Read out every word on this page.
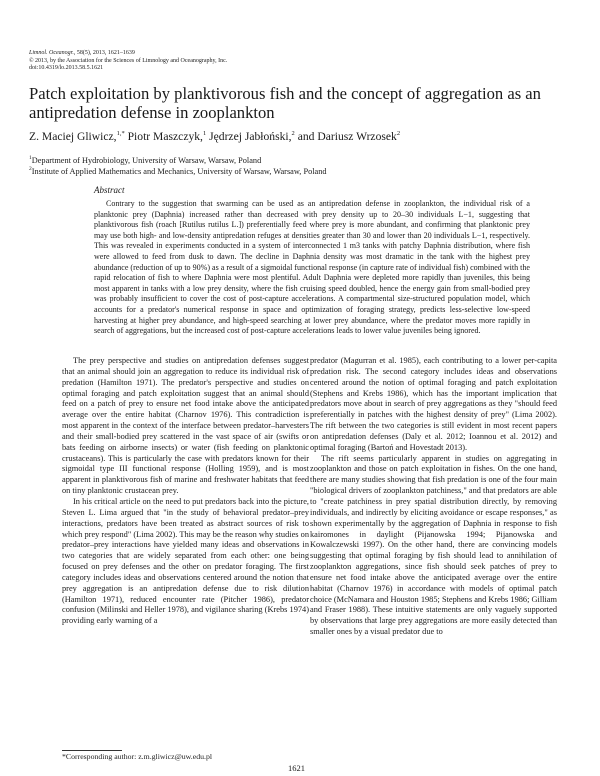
Limnol. Oceanogr., 58(5), 2013, 1621–1639
© 2013, by the Association for the Sciences of Limnology and Oceanography, Inc.
doi:10.4319/lo.2013.58.5.1621
Patch exploitation by planktivorous fish and the concept of aggregation as an antipredation defense in zooplankton
Z. Maciej Gliwicz,$^{1,*}$ Piotr Maszczyk,$^1$ Jędrzej Jabłoński,$^2$ and Dariusz Wrzosek$^2$
$^1$Department of Hydrobiology, University of Warsaw, Warsaw, Poland
$^2$Institute of Applied Mathematics and Mechanics, University of Warsaw, Warsaw, Poland
Abstract

Contrary to the suggestion that swarming can be used as an antipredation defense in zooplankton, the individual risk of a planktonic prey (Daphnia) increased rather than decreased with prey density up to 20–30 individuals L−1, suggesting that planktivorous fish (roach [Rutilus rutilus L.]) preferentially feed where prey is more abundant, and confirming that planktonic prey may use both high- and low-density antipredation refuges at densities greater than 30 and lower than 20 individuals L−1, respectively. This was revealed in experiments conducted in a system of interconnected 1 m3 tanks with patchy Daphnia distribution, where fish were allowed to feed from dusk to dawn. The decline in Daphnia density was most dramatic in the tank with the highest prey abundance (reduction of up to 90%) as a result of a sigmoidal functional response (in capture rate of individual fish) combined with the rapid relocation of fish to where Daphnia were most plentiful. Adult Daphnia were depleted more rapidly than juveniles, this being most apparent in tanks with a low prey density, where the fish cruising speed doubled, hence the energy gain from small-bodied prey was probably insufficient to cover the cost of post-capture accelerations. A compartmental size-structured population model, which accounts for a predator's numerical response in space and optimization of foraging strategy, predicts less-selective low-speed harvesting at higher prey abundance, and high-speed searching at lower prey abundance, where the predator moves more rapidly in search of aggregations, but the increased cost of post-capture accelerations leads to lower value juveniles being ignored.

The prey perspective and studies on antipredation defenses suggest that an animal should join an aggregation to reduce its individual risk of predation (Hamilton 1971). The predator's perspective and studies on optimal foraging and patch exploitation suggest that an animal should feed on a patch of prey to ensure net food intake above the anticipated average over the entire habitat (Charnov 1976). This contradiction is most apparent in the context of the interface between predator–harvesters and their small-bodied prey scattered in the vast space of air (swifts or bats feeding on airborne insects) or water (fish feeding on planktonic crustaceans). This is particularly the case with predators known for their sigmoidal type III functional response (Holling 1959), and is most apparent in planktivorous fish of marine and freshwater habitats that feed on tiny planktonic crustacean prey.

In his critical article on the need to put predators back into the picture, Steven L. Lima argued that "in the study of behavioral predator–prey interactions, predators have been treated as abstract sources of risk to which prey respond" (Lima 2002). This may be the reason why studies on predator–prey interactions have yielded many ideas and observations in two categories that are widely separated from each other: one being focused on prey defenses and the other on predator foraging. The first category includes ideas and observations centered around the notion that prey aggregation is an antipredation defense due to risk dilution (Hamilton 1971), reduced encounter rate (Pitcher 1986), predator confusion (Milinski and Heller 1978), and vigilance sharing (Krebs 1974) providing early warning of a

predator (Magurran et al. 1985), each contributing to a lower per-capita predation risk. The second category includes ideas and observations centered around the notion of optimal foraging and patch exploitation (Stephens and Krebs 1986), which has the important implication that predators move about in search of prey aggregations as they "should feed preferentially in patches with the highest density of prey" (Lima 2002). The rift between the two categories is still evident in most recent papers on antipredation defenses (Daly et al. 2012; Ioannou et al. 2012) and optimal foraging (Bartoń and Hovestadt 2013).

The rift seems particularly apparent in studies on aggregating in zooplankton and those on patch exploitation in fishes. On the one hand, there are many studies showing that fish predation is one of the four main "biological drivers of zooplankton patchiness," and that predators are able to "create patchiness in prey spatial distribution directly, by removing individuals, and indirectly by eliciting avoidance or escape responses," as shown experimentally by the aggregation of Daphnia in response to fish kairomones in daylight (Pijanowska 1994; Pijanowska and Kowalczewski 1997). On the other hand, there are convincing models suggesting that optimal foraging by fish should lead to annihilation of zooplankton aggregations, since fish should seek patches of prey to ensure net food intake above the anticipated average over the entire habitat (Charnov 1976) in accordance with models of optimal patch choice (McNamara and Houston 1985; Stephens and Krebs 1986; Gilliam and Fraser 1988). These intuitive statements are only vaguely supported by observations that large prey aggregations are more easily detected than smaller ones by a visual predator due to

*Corresponding author: z.m.gliwicz@uw.edu.pl
1621
